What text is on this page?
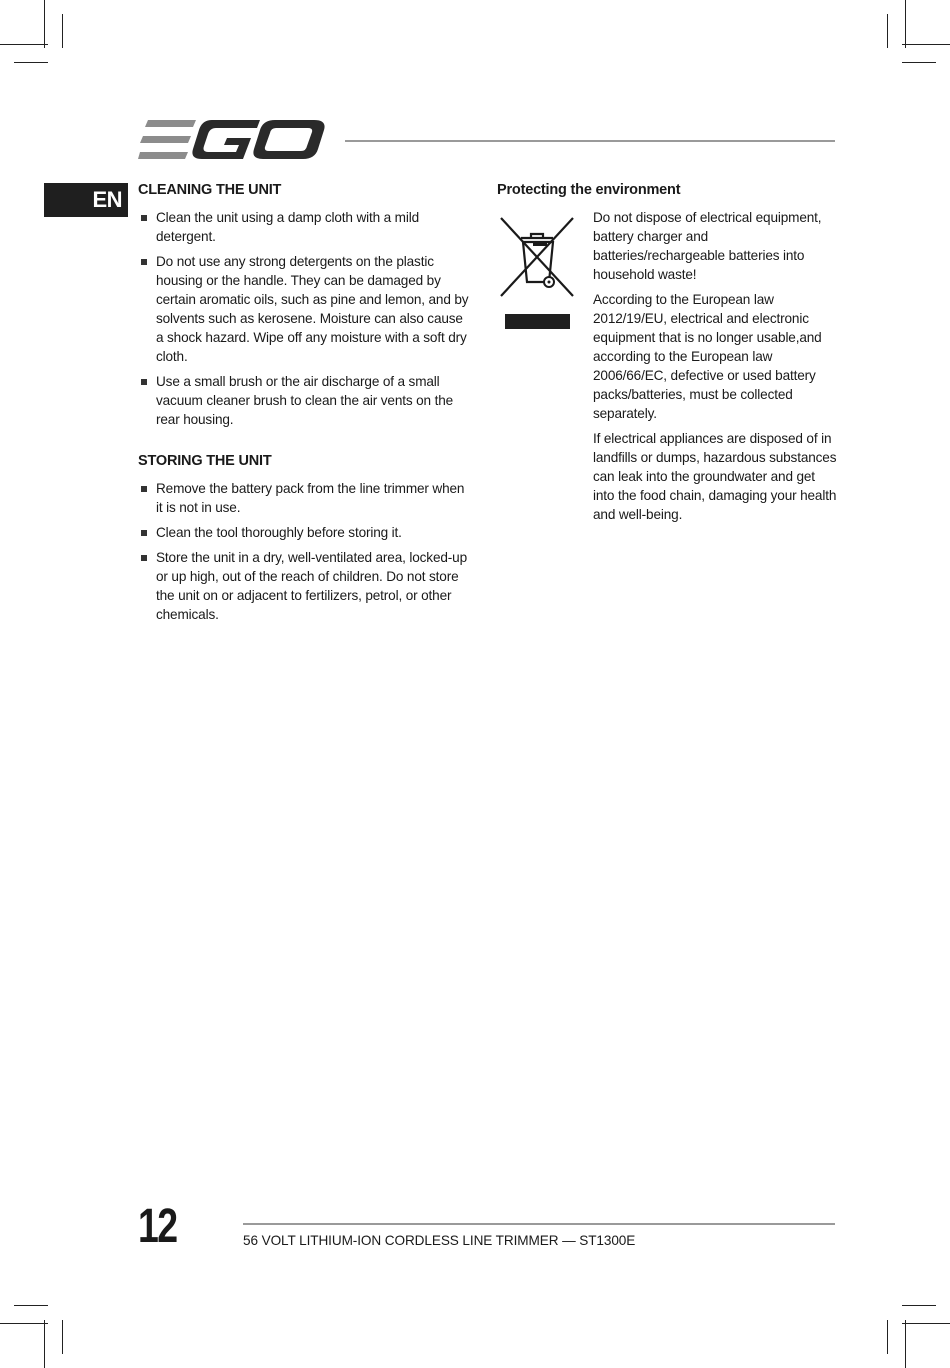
EN	CLEANING THE UNIT
Clean the unit using a damp cloth with a mild detergent.
Do not use any strong detergents on the plastic housing or the handle. They can be damaged by certain aromatic oils, such as pine and lemon, and by solvents such as kerosene. Moisture can also cause a shock hazard. Wipe off any moisture with a soft dry cloth.
Use a small brush or the air discharge of a small vacuum cleaner brush to clean the air vents on the rear housing.
STORING THE UNIT
Remove the battery pack from the line trimmer when it is not in use.
Clean the tool thoroughly before storing it.
Store the unit in a dry, well-ventilated area, locked-up or up high, out of the reach of children. Do not store the unit on or adjacent to fertilizers, petrol, or other chemicals.
Protecting the environment

Do not dispose of electrical equipment, battery charger and batteries/rechargeable batteries into household waste!

According to the European law 2012/19/EU, electrical and electronic equipment that is no longer usable,and according to the European law 2006/66/EC, defective or used battery packs/batteries, must be collected separately.

If electrical appliances are disposed of in landfills or dumps, hazardous substances can leak into the groundwater and get into the food chain, damaging your health and well-being.

12	56 VOLT LITHIUM-ION CORDLESS LINE TRIMMER — ST1300E
